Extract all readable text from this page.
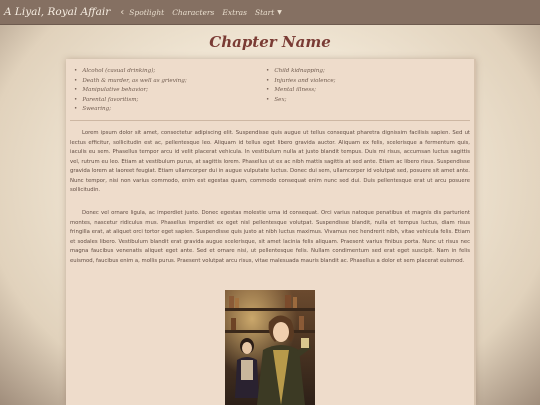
A Liyal, Royal Affair ‹ Spotlight Characters Extras Start ▼
Chapter Name
• Alcohol (casual drinking);
• Death & murder, as well as grieving;
• Manipulative behavior;
• Parental favoritism;
• Swearing;
• Child kidnapping;
• Injuries and violence;
• Mental illness;
• Sex;

Lorem ipsum dolor sit amet, consectetur adipiscing elit. Suspendisse quis augue ut tellus consequat pharetra dignissim facilisis sapien. Sed ut lectus efficitur, sollicitudin est ac, pellentesque leo. Aliquam id tellus eget libero gravida auctor. Aliquam ex felis, scelerisque a fermentum quis, iaculis eu sem. Phasellus tempor arcu id velit placerat vehicula. In vestibulum nulla at justo blandit tempus. Duis mi risus, accumsan luctus sagittis vel, rutrum eu leo. Etiam at vestibulum purus, at sagittis lorem. Phasellus ut ex ac nibh mattis sagittis at sed ante. Etiam ac libero risus. Suspendisse gravida lorem at laoreet feugiat. Etiam ullamcorper dui in augue vulputate luctus. Donec dui sem, ullamcorper id volutpat sed, posuere sit amet ante. Nunc tempor, nisi non varius commodo, enim est egestas quam, commodo consequat enim nunc sed dui. Duis pellentesque erat ut arcu posuere sollicitudin.

Donec vel ornare ligula, ac imperdiet justo. Donec egestas molestie urna id consequat. Orci varius natoque penatibus et magnis dis parturient montes, nascetur ridiculus mus. Phasellus imperdiet ex eget nisl pellentesque volutpat. Suspendisse blandit, nulla et tempus luctus, diam risus fringilla erat, at aliquet orci tortor eget sapien. Suspendisse quis justo at nibh luctus maximus. Vivamus nec hendrerit nibh, vitae vehicula felis. Etiam et sodales libero. Vestibulum blandit erat gravida augue scelerisque, sit amet lacinia felis aliquam. Praesent varius finibus porta. Nunc ut risus nec magna faucibus venenatis aliquet eget ante. Sed et ornare nisi, ut pellentesque felis. Nullam condimentum sed erat eget suscipit. Nam in felis euismod, faucibus enim a, mollis purus. Praesent volutpat arcu risus, vitae malesuada mauris blandit ac. Phasellus a dolor et sem placerat euismod.
